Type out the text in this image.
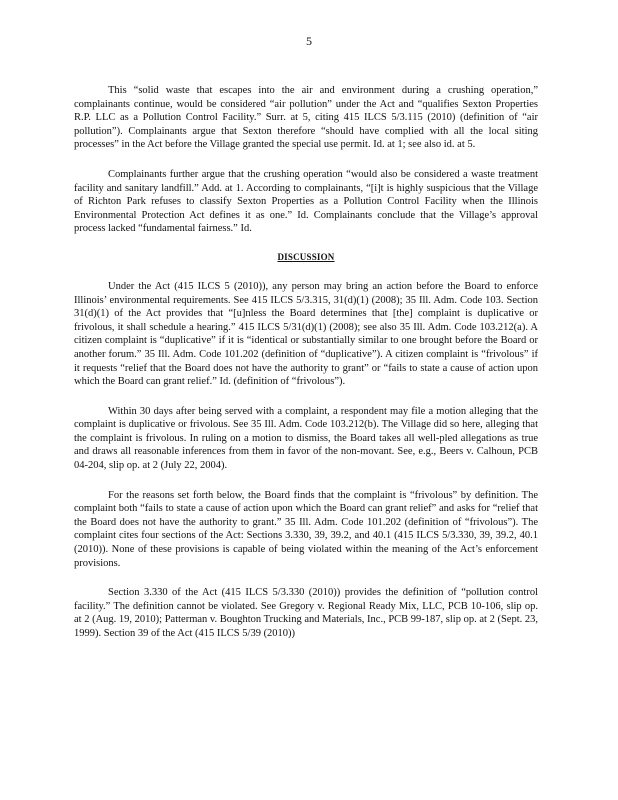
5

This “solid waste that escapes into the air and environment during a crushing operation,” complainants continue, would be considered “air pollution” under the Act and “qualifies Sexton Properties R.P. LLC as a Pollution Control Facility.” Surr. at 5, citing 415 ILCS 5/3.115 (2010) (definition of “air pollution”). Complainants argue that Sexton therefore “should have complied with all the local siting processes” in the Act before the Village granted the special use permit. Id. at 1; see also id. at 5.

Complainants further argue that the crushing operation “would also be considered a waste treatment facility and sanitary landfill.” Add. at 1. According to complainants, “[i]t is highly suspicious that the Village of Richton Park refuses to classify Sexton Properties as a Pollution Control Facility when the Illinois Environmental Protection Act defines it as one.” Id. Complainants conclude that the Village’s approval process lacked “fundamental fairness.” Id.

DISCUSSION

Under the Act (415 ILCS 5 (2010)), any person may bring an action before the Board to enforce Illinois’ environmental requirements. See 415 ILCS 5/3.315, 31(d)(1) (2008); 35 Ill. Adm. Code 103. Section 31(d)(1) of the Act provides that “[u]nless the Board determines that [the] complaint is duplicative or frivolous, it shall schedule a hearing.” 415 ILCS 5/31(d)(1) (2008); see also 35 Ill. Adm. Code 103.212(a). A citizen complaint is “duplicative” if it is “identical or substantially similar to one brought before the Board or another forum.” 35 Ill. Adm. Code 101.202 (definition of “duplicative”). A citizen complaint is “frivolous” if it requests “relief that the Board does not have the authority to grant” or “fails to state a cause of action upon which the Board can grant relief.” Id. (definition of “frivolous”).

Within 30 days after being served with a complaint, a respondent may file a motion alleging that the complaint is duplicative or frivolous. See 35 Ill. Adm. Code 103.212(b). The Village did so here, alleging that the complaint is frivolous. In ruling on a motion to dismiss, the Board takes all well-pled allegations as true and draws all reasonable inferences from them in favor of the non-movant. See, e.g., Beers v. Calhoun, PCB 04-204, slip op. at 2 (July 22, 2004).

For the reasons set forth below, the Board finds that the complaint is “frivolous” by definition. The complaint both “fails to state a cause of action upon which the Board can grant relief” and asks for “relief that the Board does not have the authority to grant.” 35 Ill. Adm. Code 101.202 (definition of “frivolous”). The complaint cites four sections of the Act: Sections 3.330, 39, 39.2, and 40.1 (415 ILCS 5/3.330, 39, 39.2, 40.1 (2010)). None of these provisions is capable of being violated within the meaning of the Act’s enforcement provisions.

Section 3.330 of the Act (415 ILCS 5/3.330 (2010)) provides the definition of “pollution control facility.” The definition cannot be violated. See Gregory v. Regional Ready Mix, LLC, PCB 10-106, slip op. at 2 (Aug. 19, 2010); Patterman v. Boughton Trucking and Materials, Inc., PCB 99-187, slip op. at 2 (Sept. 23, 1999). Section 39 of the Act (415 ILCS 5/39 (2010))
